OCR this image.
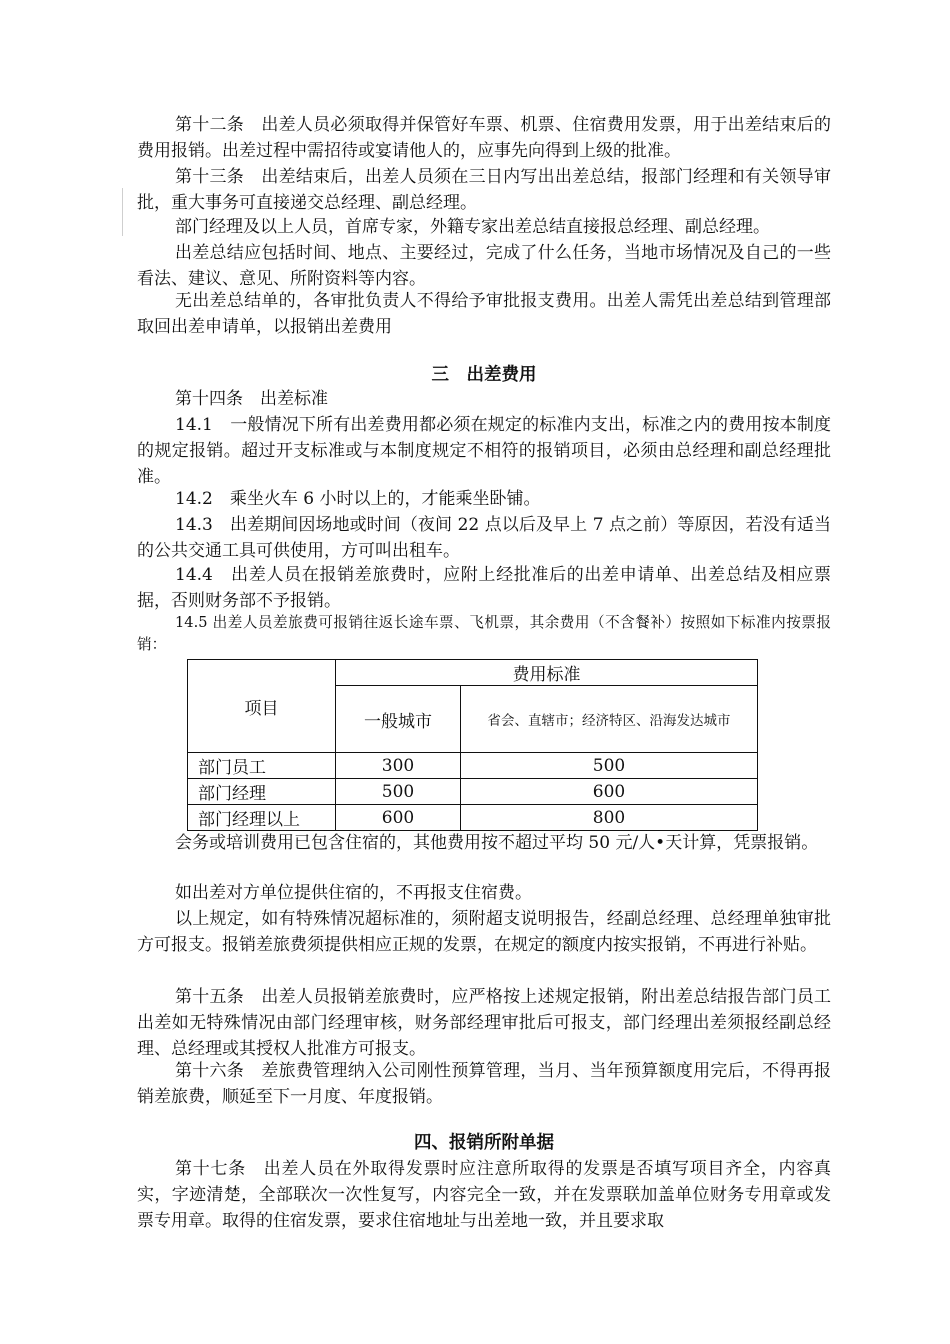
第十二条　出差人员必须取得并保管好车票、机票、住宿费用发票，用于出差结束后的费用报销。出差过程中需招待或宴请他人的，应事先向得到上级的批准。

第十三条　出差结束后，出差人员须在三日内写出出差总结，报部门经理和有关领导审批，重大事务可直接递交总经理、副总经理。

部门经理及以上人员，首席专家，外籍专家出差总结直接报总经理、副总经理。

出差总结应包括时间、地点、主要经过，完成了什么任务，当地市场情况及自己的一些看法、建议、意见、所附资料等内容。

无出差总结单的，各审批负责人不得给予审批报支费用。出差人需凭出差总结到管理部取回出差申请单，以报销出差费用

三　出差费用

第十四条　出差标准

14.1　一般情况下所有出差费用都必须在规定的标准内支出，标准之内的费用按本制度的规定报销。超过开支标准或与本制度规定不相符的报销项目，必须由总经理和副总经理批准。

14.2　乘坐火车 6 小时以上的，才能乘坐卧铺。

14.3　出差期间因场地或时间（夜间 22 点以后及早上 7 点之前）等原因，若没有适当的公共交通工具可供使用，方可叫出租车。

14.4　出差人员在报销差旅费时，应附上经批准后的出差申请单、出差总结及相应票据，否则财务部不予报销。

14.5 出差人员差旅费可报销往返长途车票、飞机票，其余费用（不含餐补）按照如下标准内按票报销：

项目	费用标准	
	一般城市	省会、直辖市；经济特区、沿海发达城市
部门员工	300	500
部门经理	500	600
部门经理以上	600	800

会务或培训费用已包含住宿的，其他费用按不超过平均 50 元/人•天计算，凭票报销。

如出差对方单位提供住宿的，不再报支住宿费。

以上规定，如有特殊情况超标准的，须附超支说明报告，经副总经理、总经理单独审批方可报支。报销差旅费须提供相应正规的发票，在规定的额度内按实报销，不再进行补贴。

第十五条　出差人员报销差旅费时，应严格按上述规定报销，附出差总结报告部门员工出差如无特殊情况由部门经理审核，财务部经理审批后可报支，部门经理出差须报经副总经理、总经理或其授权人批准方可报支。

第十六条　差旅费管理纳入公司刚性预算管理，当月、当年预算额度用完后，不得再报销差旅费，顺延至下一月度、年度报销。

四、报销所附单据

第十七条　出差人员在外取得发票时应注意所取得的发票是否填写项目齐全，内容真实，字迹清楚，全部联次一次性复写，内容完全一致，并在发票联加盖单位财务专用章或发票专用章。取得的住宿发票，要求住宿地址与出差地一致，并且要求取
